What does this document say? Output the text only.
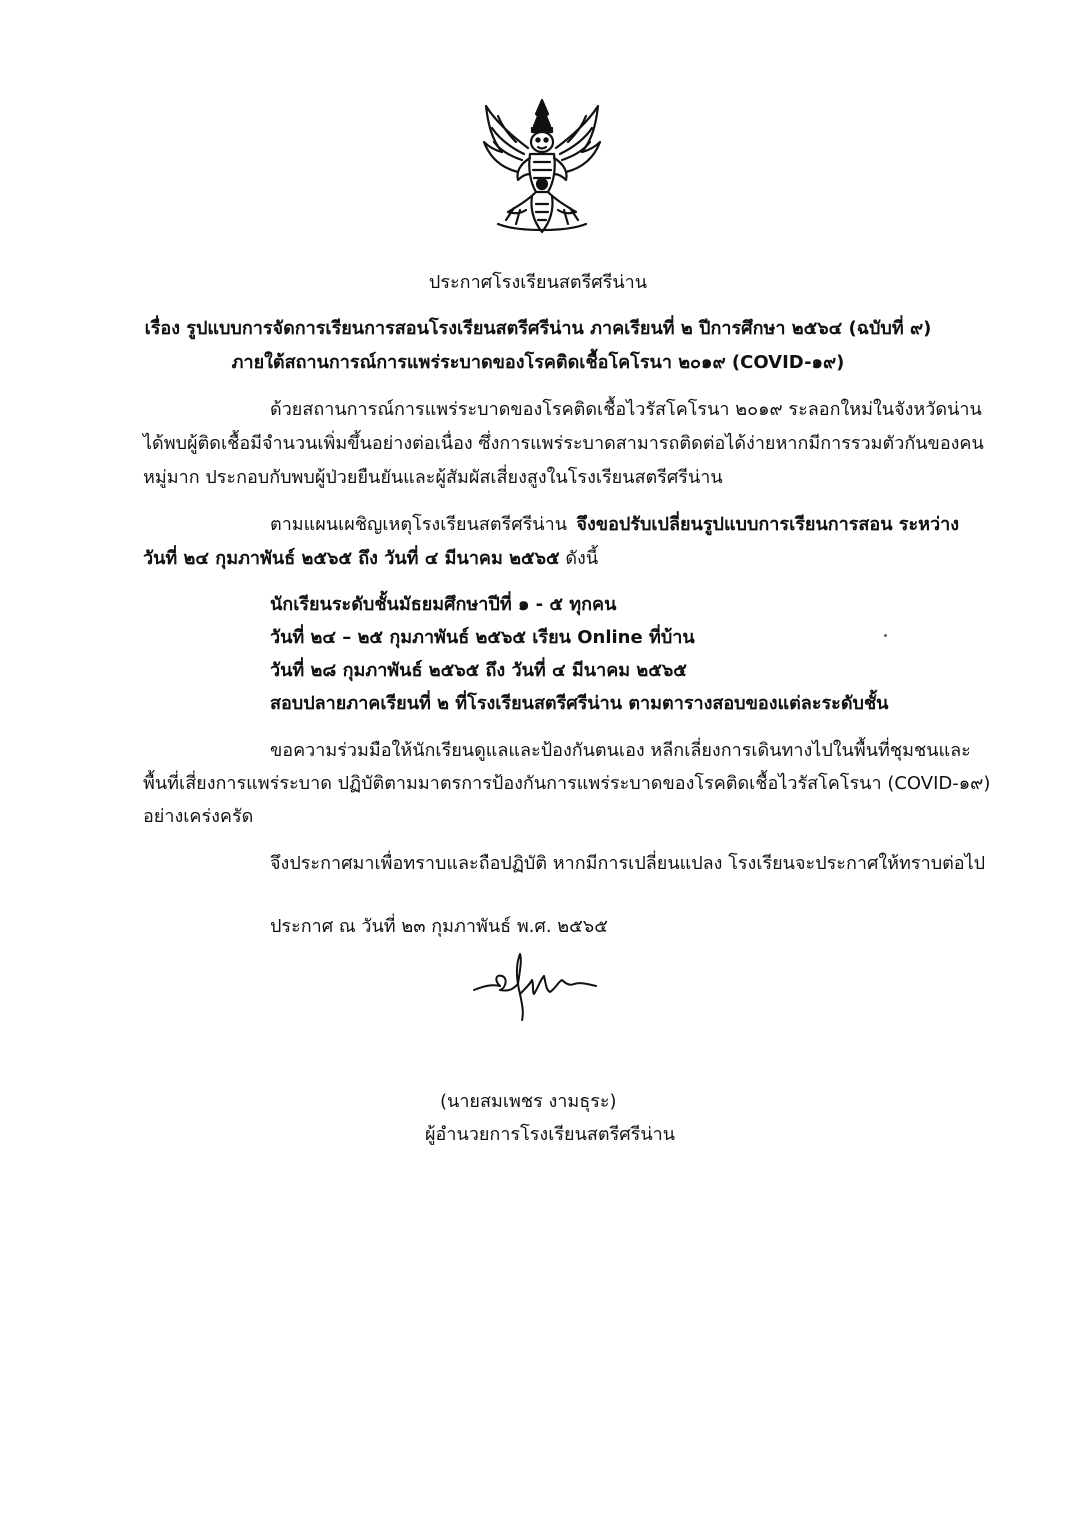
ประกาศโรงเรียนสตรีศรีน่าน
เรื่อง รูปแบบการจัดการเรียนการสอนโรงเรียนสตรีศรีน่าน ภาคเรียนที่ ๒ ปีการศึกษา ๒๕๖๔ (ฉบับที่ ๙)
ภายใต้สถานการณ์การแพร่ระบาดของโรคติดเชื้อโคโรนา ๒๐๑๙ (COVID-๑๙)
ด้วยสถานการณ์การแพร่ระบาดของโรคติดเชื้อไวรัสโคโรนา ๒๐๑๙ ระลอกใหม่ในจังหวัดน่าน
ได้พบผู้ติดเชื้อมีจำนวนเพิ่มขึ้นอย่างต่อเนื่อง ซึ่งการแพร่ระบาดสามารถติดต่อได้ง่ายหากมีการรวมตัวกันของคน
หมู่มาก ประกอบกับพบผู้ป่วยยืนยันและผู้สัมผัสเสี่ยงสูงในโรงเรียนสตรีศรีน่าน
ตามแผนเผชิญเหตุโรงเรียนสตรีศรีน่าน จึงขอปรับเปลี่ยนรูปแบบการเรียนการสอน ระหว่าง
วันที่ ๒๔ กุมภาพันธ์ ๒๕๖๕ ถึง วันที่ ๔ มีนาคม ๒๕๖๕ ดังนี้
นักเรียนระดับชั้นมัธยมศึกษาปีที่ ๑ - ๕ ทุกคน
วันที่ ๒๔ – ๒๕ กุมภาพันธ์ ๒๕๖๕ เรียน Online ที่บ้าน
วันที่ ๒๘ กุมภาพันธ์ ๒๕๖๕ ถึง วันที่ ๔ มีนาคม ๒๕๖๕
สอบปลายภาคเรียนที่ ๒ ที่โรงเรียนสตรีศรีน่าน ตามตารางสอบของแต่ละระดับชั้น
ขอความร่วมมือให้นักเรียนดูแลและป้องกันตนเอง หลีกเลี่ยงการเดินทางไปในพื้นที่ชุมชนและ
พื้นที่เสี่ยงการแพร่ระบาด ปฏิบัติตามมาตรการป้องกันการแพร่ระบาดของโรคติดเชื้อไวรัสโคโรนา (COVID-๑๙)
อย่างเคร่งครัด
จึงประกาศมาเพื่อทราบและถือปฏิบัติ หากมีการเปลี่ยนแปลง โรงเรียนจะประกาศให้ทราบต่อไป
ประกาศ ณ วันที่ ๒๓ กุมภาพันธ์ พ.ศ. ๒๕๖๕
(นายสมเพชร งามธุระ)
ผู้อำนวยการโรงเรียนสตรีศรีน่าน
